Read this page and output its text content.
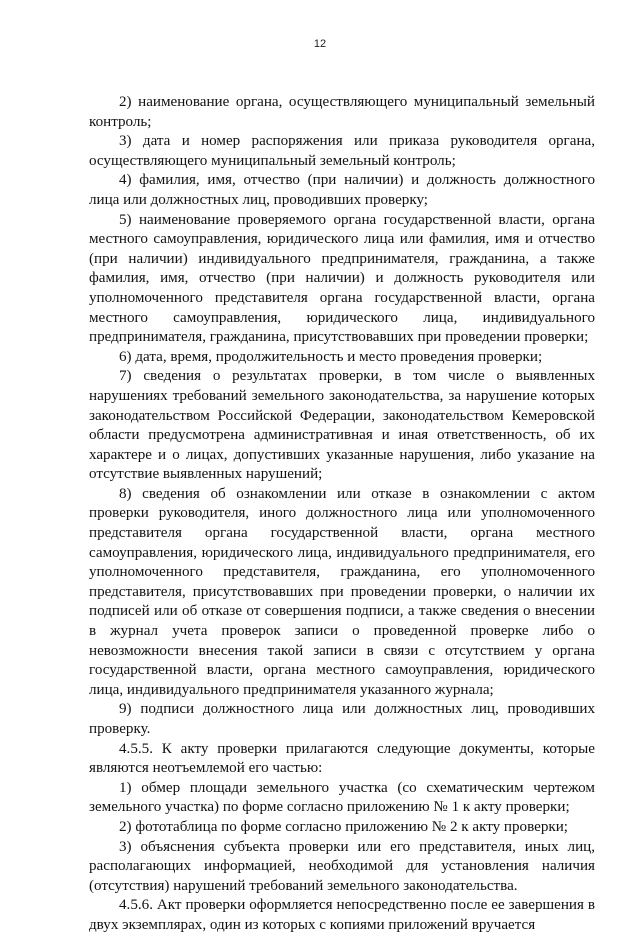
12

2) наименование органа, осуществляющего муниципальный земельный контроль;

3) дата и номер распоряжения или приказа руководителя органа, осуществляющего муниципальный земельный контроль;

4) фамилия, имя, отчество (при наличии) и должность должностного лица или должностных лиц, проводивших проверку;

5) наименование проверяемого органа государственной власти, органа местного самоуправления, юридического лица или фамилия, имя и отчество (при наличии) индивидуального предпринимателя, гражданина, а также фамилия, имя, отчество (при наличии) и должность руководителя или уполномоченного представителя органа государственной власти, органа местного самоуправления, юридического лица, индивидуального предпринимателя, гражданина, присутствовавших при проведении проверки;

6) дата, время, продолжительность и место проведения проверки;

7) сведения о результатах проверки, в том числе о выявленных нарушениях требований земельного законодательства, за нарушение которых законодательством Российской Федерации, законодательством Кемеровской области предусмотрена административная и иная ответственность, об их характере и о лицах, допустивших указанные нарушения, либо указание на отсутствие выявленных нарушений;

8) сведения об ознакомлении или отказе в ознакомлении с актом проверки руководителя, иного должностного лица или уполномоченного представителя органа государственной власти, органа местного самоуправления, юридического лица, индивидуального предпринимателя, его уполномоченного представителя, гражданина, его уполномоченного представителя, присутствовавших при проведении проверки, о наличии их подписей или об отказе от совершения подписи, а также сведения о внесении в журнал учета проверок записи о проведенной проверке либо о невозможности внесения такой записи в связи с отсутствием у органа государственной власти, органа местного самоуправления, юридического лица, индивидуального предпринимателя указанного журнала;

9) подписи должностного лица или должностных лиц, проводивших проверку.

4.5.5. К акту проверки прилагаются следующие документы, которые являются неотъемлемой его частью:

1) обмер площади земельного участка (со схематическим чертежом земельного участка) по форме согласно приложению № 1 к акту проверки;

2) фототаблица по форме согласно приложению № 2 к акту проверки;

3) объяснения субъекта проверки или его представителя, иных лиц, располагающих информацией, необходимой для установления наличия (отсутствия) нарушений требований земельного законодательства.

4.5.6. Акт проверки оформляется непосредственно после ее завершения в двух экземплярах, один из которых с копиями приложений вручается
